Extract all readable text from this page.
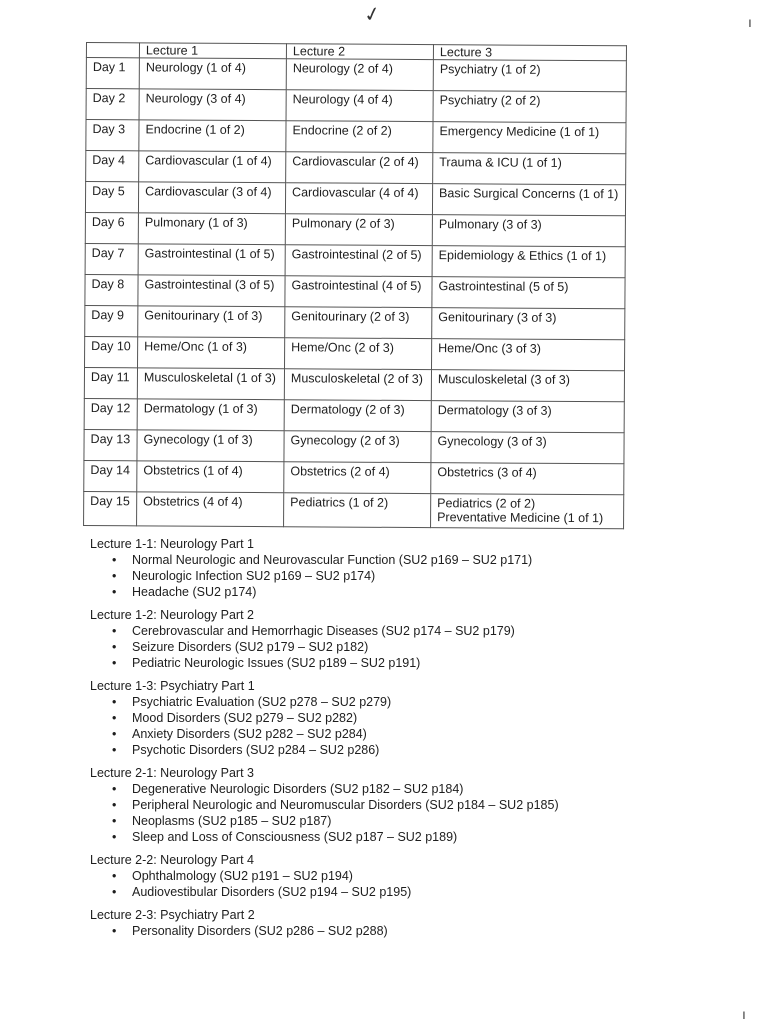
✓	ı
ı
	Lecture 1	Lecture 2	Lecture 3

Day 1	Neurology (1 of 4)	Neurology (2 of 4)	Psychiatry (1 of 2)

Day 2	Neurology (3 of 4)	Neurology (4 of 4)	Psychiatry (2 of 2)

Day 3	Endocrine (1 of 2)	Endocrine (2 of 2)	Emergency Medicine (1 of 1)

Day 4	Cardiovascular (1 of 4)	Cardiovascular (2 of 4)	Trauma & ICU (1 of 1)

Day 5	Cardiovascular (3 of 4)	Cardiovascular (4 of 4)	Basic Surgical Concerns (1 of 1)

Day 6	Pulmonary (1 of 3)	Pulmonary (2 of 3)	Pulmonary (3 of 3)

Day 7	Gastrointestinal (1 of 5)	Gastrointestinal (2 of 5)	Epidemiology & Ethics (1 of 1)

Day 8	Gastrointestinal (3 of 5)	Gastrointestinal (4 of 5)	Gastrointestinal (5 of 5)

Day 9	Genitourinary (1 of 3)	Genitourinary (2 of 3)	Genitourinary (3 of 3)

Day 10	Heme/Onc (1 of 3)	Heme/Onc (2 of 3)	Heme/Onc (3 of 3)

Day 11	Musculoskeletal (1 of 3)	Musculoskeletal (2 of 3)	Musculoskeletal (3 of 3)

Day 12	Dermatology (1 of 3)	Dermatology (2 of 3)	Dermatology (3 of 3)

Day 13	Gynecology (1 of 3)	Gynecology (2 of 3)	Gynecology (3 of 3)

Day 14	Obstetrics (1 of 4)	Obstetrics (2 of 4)	Obstetrics (3 of 4)

Day 15	Obstetrics (4 of 4)	Pediatrics (1 of 2)	Pediatrics (2 of 2)
Preventative Medicine (1 of 1)
Lecture 1-1: Neurology Part 1
• Normal Neurologic and Neurovascular Function (SU2 p169 – SU2 p171)
• Neurologic Infection SU2 p169 – SU2 p174)
• Headache (SU2 p174)
Lecture 1-2: Neurology Part 2
• Cerebrovascular and Hemorrhagic Diseases (SU2 p174 – SU2 p179)
• Seizure Disorders (SU2 p179 – SU2 p182)
• Pediatric Neurologic Issues (SU2 p189 – SU2 p191)
Lecture 1-3: Psychiatry Part 1
• Psychiatric Evaluation (SU2 p278 – SU2 p279)
• Mood Disorders (SU2 p279 – SU2 p282)
• Anxiety Disorders (SU2 p282 – SU2 p284)
• Psychotic Disorders (SU2 p284 – SU2 p286)
Lecture 2-1: Neurology Part 3
• Degenerative Neurologic Disorders (SU2 p182 – SU2 p184)
• Peripheral Neurologic and Neuromuscular Disorders (SU2 p184 – SU2 p185)
• Neoplasms (SU2 p185 – SU2 p187)
• Sleep and Loss of Consciousness (SU2 p187 – SU2 p189)
Lecture 2-2: Neurology Part 4
• Ophthalmology (SU2 p191 – SU2 p194)
• Audiovestibular Disorders (SU2 p194 – SU2 p195)
Lecture 2-3: Psychiatry Part 2
• Personality Disorders (SU2 p286 – SU2 p288)
